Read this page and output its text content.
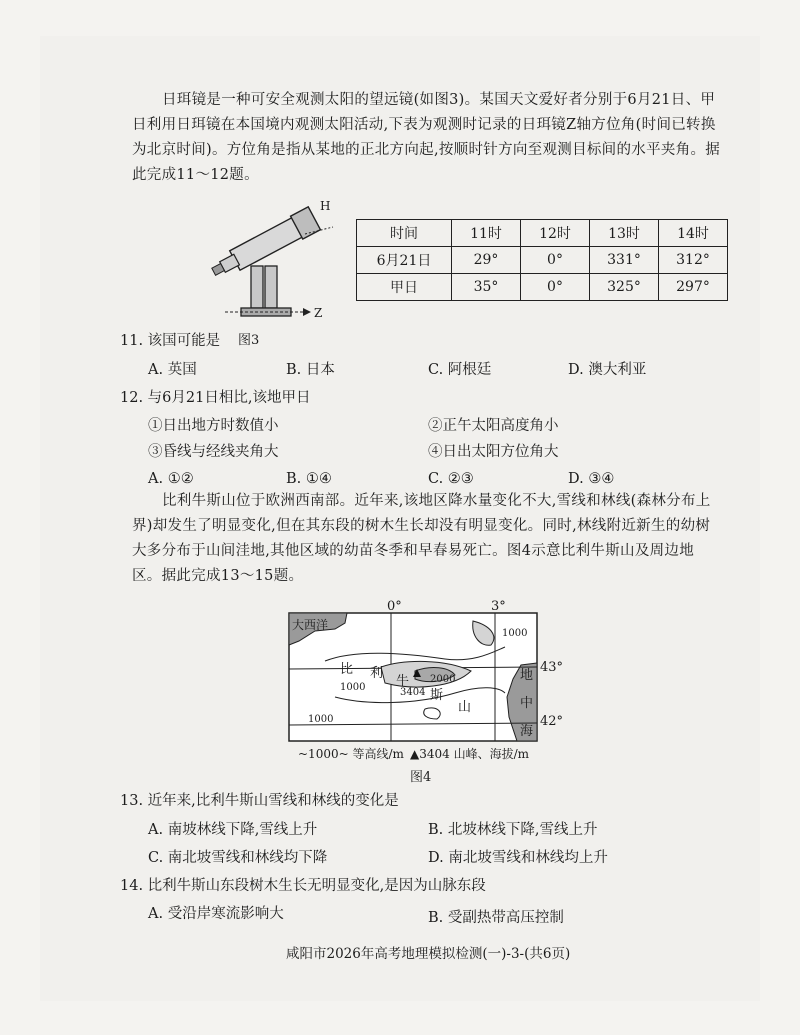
日珥镜是一种可安全观测太阳的望远镜(如图3)。某国天文爱好者分别于6月21日、甲日利用日珥镜在本国境内观测太阳活动,下表为观测时记录的日珥镜Z轴方位角(时间已转换为北京时间)。方位角是指从某地的正北方向起,按顺时针方向至观测目标间的水平夹角。据此完成11～12题。
H
Z
图3
时间	11时	12时	13时	14时
6月21日	29°	0°	331°	312°
甲日	35°	0°	325°	297°
11. 该国可能是
A. 英国	B. 日本	C. 阿根廷	D. 澳大利亚
12. 与6月21日相比,该地甲日
①日出地方时数值小	②正午太阳高度角小
③昏线与经线夹角大	④日出太阳方位角大
A. ①②	B. ①④	C. ②③	D. ③④
比利牛斯山位于欧洲西南部。近年来,该地区降水量变化不大,雪线和林线(森林分布上界)却发生了明显变化,但在其东段的树木生长却没有明显变化。同时,林线附近新生的幼树大多分布于山间洼地,其他区域的幼苗冬季和早春易死亡。图4示意比利牛斯山及周边地区。据此完成13～15题。
0°	3°
43°
42°
大西洋
地
中
海
比 利
牛
斯
山
1000
1000
2000
1000
3404
~1000~ 等高线/m ▲3404 山峰、海拔/m
图4
13. 近年来,比利牛斯山雪线和林线的变化是
A. 南坡林线下降,雪线上升	B. 北坡林线下降,雪线上升
C. 南北坡雪线和林线均下降	D. 南北坡雪线和林线均上升
14. 比利牛斯山东段树木生长无明显变化,是因为山脉东段
A. 受沿岸寒流影响大	B. 受副热带高压控制
咸阳市2026年高考地理模拟检测(一)-3-(共6页)
